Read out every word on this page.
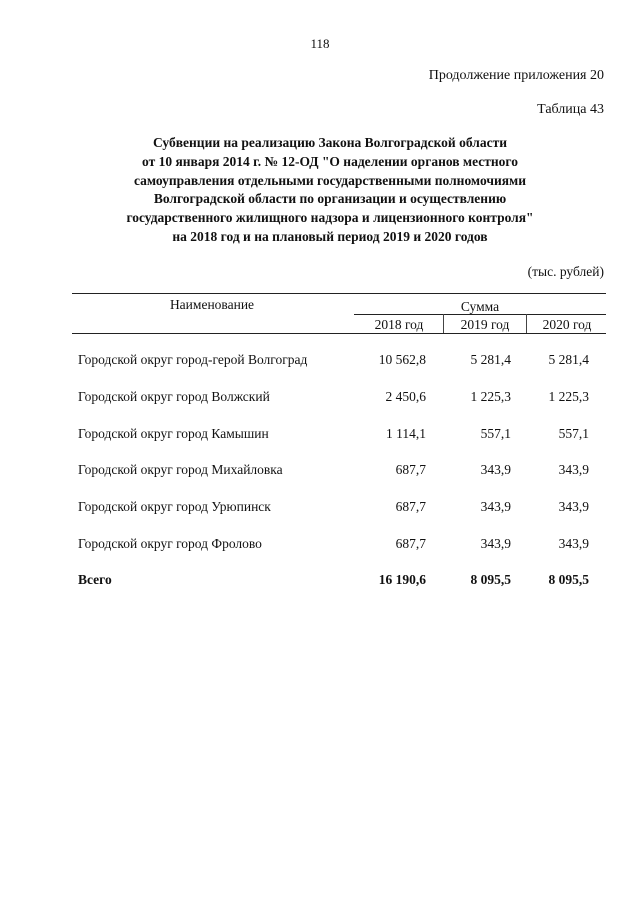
118
Продолжение приложения 20
Таблица 43
Субвенции на реализацию Закона Волгоградской области
от 10 января 2014 г. № 12-ОД "О наделении органов местного
самоуправления отдельными государственными полномочиями
Волгоградской области по организации и осуществлению
государственного жилищного надзора и лицензионного контроля"
на 2018 год и на плановый период 2019 и 2020 годов
(тыс. рублей)
Наименование	Сумма
2018 год	2019 год	2020 год
Городской округ город-герой Волгоград	10 562,8	5 281,4	5 281,4
Городской округ город Волжский	2 450,6	1 225,3	1 225,3
Городской округ город Камышин	1 114,1	557,1	557,1
Городской округ город Михайловка	687,7	343,9	343,9
Городской округ город Урюпинск	687,7	343,9	343,9
Городской округ город Фролово	687,7	343,9	343,9
Всего	16 190,6	8 095,5	8 095,5
